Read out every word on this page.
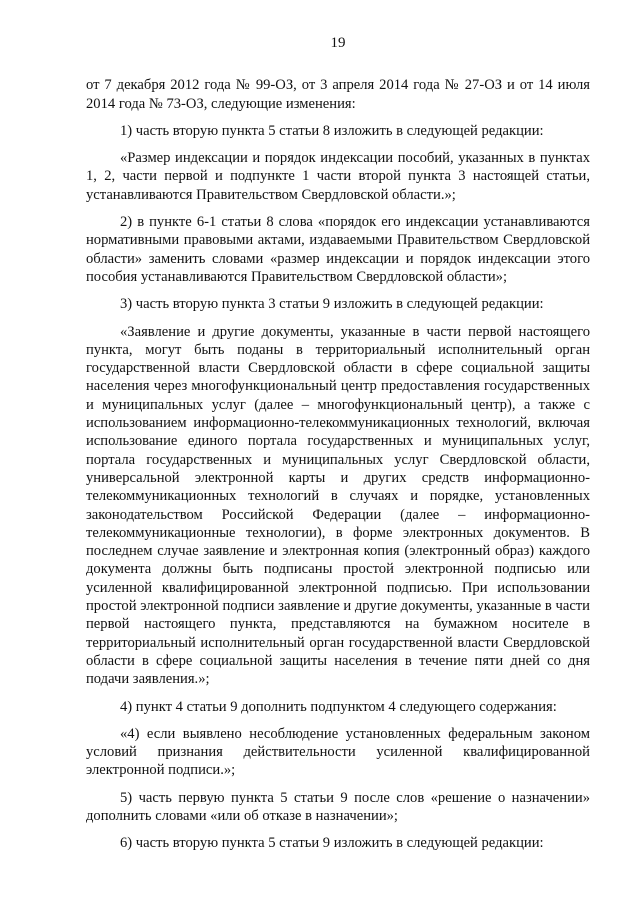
19

от 7 декабря 2012 года № 99-ОЗ, от 3 апреля 2014 года № 27-ОЗ и от 14 июля 2014 года № 73-ОЗ, следующие изменения:

1) часть вторую пункта 5 статьи 8 изложить в следующей редакции:

«Размер индексации и порядок индексации пособий, указанных в пунктах 1, 2, части первой и подпункте 1 части второй пункта 3 настоящей статьи, устанавливаются Правительством Свердловской области.»;

2) в пункте 6-1 статьи 8 слова «порядок его индексации устанавливаются нормативными правовыми актами, издаваемыми Правительством Свердловской области» заменить словами «размер индексации и порядок индексации этого пособия устанавливаются Правительством Свердловской области»;

3) часть вторую пункта 3 статьи 9 изложить в следующей редакции:

«Заявление и другие документы, указанные в части первой настоящего пункта, могут быть поданы в территориальный исполнительный орган государственной власти Свердловской области в сфере социальной защиты населения через многофункциональный центр предоставления государственных и муниципальных услуг (далее – многофункциональный центр), а также с использованием информационно-телекоммуникационных технологий, включая использование единого портала государственных и муниципальных услуг, портала государственных и муниципальных услуг Свердловской области, универсальной электронной карты и других средств информационно-телекоммуникационных технологий в случаях и порядке, установленных законодательством Российской Федерации (далее – информационно-телекоммуникационные технологии), в форме электронных документов. В последнем случае заявление и электронная копия (электронный образ) каждого документа должны быть подписаны простой электронной подписью или усиленной квалифицированной электронной подписью. При использовании простой электронной подписи заявление и другие документы, указанные в части первой настоящего пункта, представляются на бумажном носителе в территориальный исполнительный орган государственной власти Свердловской области в сфере социальной защиты населения в течение пяти дней со дня подачи заявления.»;

4) пункт 4 статьи 9 дополнить подпунктом 4 следующего содержания:

«4) если выявлено несоблюдение установленных федеральным законом условий признания действительности усиленной квалифицированной электронной подписи.»;

5) часть первую пункта 5 статьи 9 после слов «решение о назначении» дополнить словами «или об отказе в назначении»;

6) часть вторую пункта 5 статьи 9 изложить в следующей редакции:
